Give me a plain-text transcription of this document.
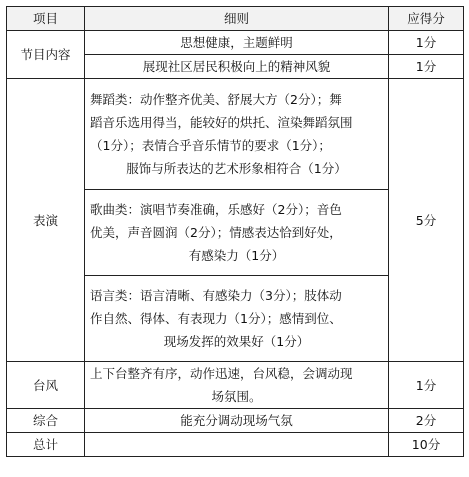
项目	细则	应得分
节目内容	思想健康，主题鲜明	1分
	展现社区居民积极向上的精神风貌	1分
表演	舞蹈类：动作整齐优美、舒展大方（2分）；舞
蹈音乐选用得当，能较好的烘托、渲染舞蹈氛围
（1分）；表情合乎音乐情节的要求（1分）；
服饰与所表达的艺术形象相符合（1分）	5分

	歌曲类：演唱节奏准确，乐感好（2分）；音色
优美，声音圆润（2分）；情感表达恰到好处，
有感染力（1分）	

	语言类：语言清晰、有感染力（3分）；肢体动
作自然、得体、有表现力（1分）；感情到位、
现场发挥的效果好（1分）	

台风	上下台整齐有序，动作迅速，台风稳，会调动现
场氛围。	1分
综合	能充分调动现场气氛	2分
总计		10分
